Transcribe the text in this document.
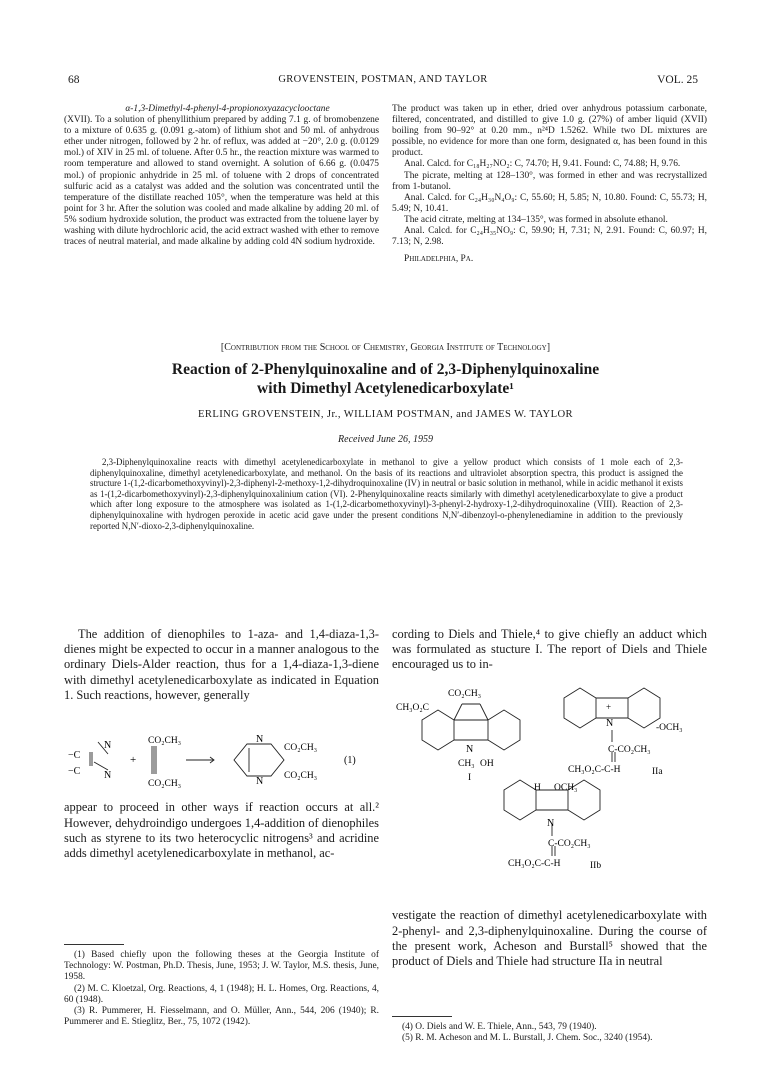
68	GROVENSTEIN, POSTMAN, AND TAYLOR	VOL. 25

α-1,3-Dimethyl-4-phenyl-4-propionoxyazacyclooctane

(XVII). To a solution of phenyllithium prepared by adding 7.1 g. of bromobenzene to a mixture of 0.635 g. (0.091 g.-atom) of lithium shot and 50 ml. of anhydrous ether under nitrogen, followed by 2 hr. of reflux, was added at −20°, 2.0 g. (0.0129 mol.) of XIV in 25 ml. of toluene. After 0.5 hr., the reaction mixture was warmed to room temperature and allowed to stand overnight. A solution of 6.66 g. (0.0475 mol.) of propionic anhydride in 25 ml. of toluene with 2 drops of concentrated sulfuric acid as a catalyst was added and the solution was concentrated until the temperature of the distillate reached 105°, when the temperature was held at this point for 3 hr. After the solution was cooled and made alkaline by adding 20 ml. of 5% sodium hydroxide solution, the product was extracted from the toluene layer by washing with dilute hydrochloric acid, the acid extract washed with ether to remove traces of neutral material, and made alkaline by adding cold 4N sodium hydroxide.

The product was taken up in ether, dried over anhydrous potassium carbonate, filtered, concentrated, and distilled to give 1.0 g. (27%) of amber liquid (XVII) boiling from 90–92° at 0.20 mm., n²⁴D 1.5262. While two DL mixtures are possible, no evidence for more than one form, designated α, has been found in this product.

Anal. Calcd. for C₁₈H₂₇NO₂: C, 74.70; H, 9.41. Found: C, 74.88; H, 9.76.

The picrate, melting at 128–130°, was formed in ether and was recrystallized from 1-butanol.

Anal. Calcd. for C₂₄H₃₀N₄O₉: C, 55.60; H, 5.85; N, 10.80. Found: C, 55.73; H, 5.49; N, 10.41.

The acid citrate, melting at 134–135°, was formed in absolute ethanol.

Anal. Calcd. for C₂₄H₃₅NO₉: C, 59.90; H, 7.31; N, 2.91. Found: C, 60.97; H, 7.13; N, 2.98.

Philadelphia, Pa.

[Contribution from the School of Chemistry, Georgia Institute of Technology]
Reaction of 2-Phenylquinoxaline and of 2,3-Diphenylquinoxaline
with Dimethyl Acetylenedicarboxylate¹
ERLING GROVENSTEIN, Jr., WILLIAM POSTMAN, and JAMES W. TAYLOR
Received June 26, 1959

2,3-Diphenylquinoxaline reacts with dimethyl acetylenedicarboxylate in methanol to give a yellow product which consists of 1 mole each of 2,3-diphenylquinoxaline, dimethyl acetylenedicarboxylate, and methanol. On the basis of its reactions and ultraviolet absorption spectra, this product is assigned the structure 1-(1,2-dicarbomethoxyvinyl)-2,3-diphenyl-2-methoxy-1,2-dihydroquinoxaline (IV) in neutral or basic solution in methanol, while in acidic methanol it exists as 1-(1,2-dicarbomethoxyvinyl)-2,3-diphenylquinoxalinium cation (VI). 2-Phenylquinoxaline reacts similarly with dimethyl acetylenedicarboxylate to give a product which after long exposure to the atmosphere was isolated as 1-(1,2-dicarbomethoxyvinyl)-3-phenyl-2-hydroxy-1,2-dihydroquinoxaline (VIII). Reaction of 2,3-diphenylquinoxaline with hydrogen peroxide in acetic acid gave under the present conditions N,N′-dibenzoyl-o-phenylenediamine in addition to the previously reported N,N′-dioxo-2,3-diphenylquinoxaline.

The addition of dienophiles to 1-aza- and 1,4-diaza-1,3-dienes might be expected to occur in a manner analogous to the ordinary Diels-Alder reaction, thus for a 1,4-diaza-1,3-diene with dimethyl acetylenedicarboxylate as indicated in Equation 1. Such reactions, however, generally

−C
−C
N
N
+
CO₂CH₃
CO₂CH₃
N
N
CO₂CH₃
CO₂CH₃
(1)

appear to proceed in other ways if reaction occurs at all.² However, dehydroindigo undergoes 1,4-addition of dienophiles such as styrene to its two heterocyclic nitrogens³ and acridine adds dimethyl acetylenedicarboxylate in methanol, ac-

cording to Diels and Thiele,⁴ to give chiefly an adduct which was formulated as stucture I. The report of Diels and Thiele encouraged us to in-

CH₃O₂C
CO₂CH₃
N
CH₃ OH
I
+
N	-OCH₃
C-CO₂CH₃
CH₃O₂C-C-H	IIa
H OCH₃
N
C-CO₂CH₃
CH₃O₂C-C-H	IIb

vestigate the reaction of dimethyl acetylenedicarboxylate with 2-phenyl- and 2,3-diphenylquinoxaline. During the course of the present work, Acheson and Burstall⁵ showed that the product of Diels and Thiele had structure IIa in neutral

(1) Based chiefly upon the following theses at the Georgia Institute of Technology: W. Postman, Ph.D. Thesis, June, 1953; J. W. Taylor, M.S. thesis, June, 1958.

(2) M. C. Kloetzal, Org. Reactions, 4, 1 (1948); H. L. Homes, Org. Reactions, 4, 60 (1948).

(3) R. Pummerer, H. Fiesselmann, and O. Müller, Ann., 544, 206 (1940); R. Pummerer and E. Stieglitz, Ber., 75, 1072 (1942).	(4) O. Diels and W. E. Thiele, Ann., 543, 79 (1940).

(5) R. M. Acheson and M. L. Burstall, J. Chem. Soc., 3240 (1954).
